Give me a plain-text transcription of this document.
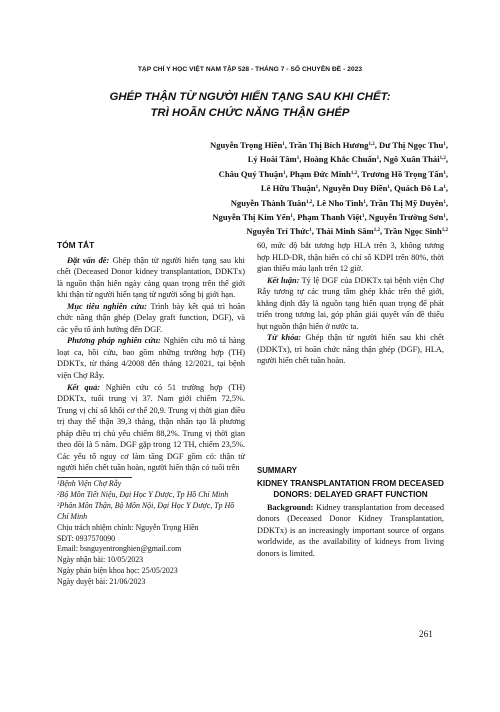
TẠP CHÍ Y HỌC VIỆT NAM TẬP 528 - THÁNG 7 - SỐ CHUYÊN ĐỀ - 2023
GHÉP THẬN TỪ NGƯỜI HIẾN TẠNG SAU KHI CHẾT:
TRÌ HOÃN CHỨC NĂNG THẬN GHÉP
Nguyễn Trọng Hiền$^1$, Trần Thị Bích Hương$^{1,2}$, Dư Thị Ngọc Thu$^1$,
Lý Hoài Tâm$^1$, Hoàng Khắc Chuẩn$^1$, Ngô Xuân Thái$^{1,2}$,
Châu Quý Thuận$^1$, Phạm Đức Minh$^{1,2}$, Trương Hồ Trọng Tấn$^1$,
Lê Hữu Thuận$^1$, Nguyễn Duy Điền$^1$, Quách Đô La$^1$,
Nguyễn Thành Tuân$^{1,2}$, Lê Nho Tình$^1$, Trần Thị Mỹ Duyên$^1$,
Nguyễn Thị Kim Yến$^1$, Phạm Thanh Việt$^1$, Nguyễn Trường Sơn$^1$,
Nguyễn Trí Thức$^1$, Thái Minh Sâm$^{1,2}$, Trần Ngọc Sinh$^{1,2}$
TÓM TẮT

Đặt vấn đề: Ghép thận từ người hiến tạng sau khi chết (Deceased Donor kidney transplantation, DDKTx) là nguồn thận hiến ngày càng quan trọng trên thế giới khi thận từ người hiến tạng từ người sống bị giới hạn.

Mục tiêu nghiên cứu: Trình bày kết quả trì hoãn chức năng thận ghép (Delay graft function, DGF), và các yếu tố ảnh hưởng đến DGF.

Phương pháp nghiên cứu: Nghiên cứu mô tả hàng loạt ca, hồi cứu, bao gồm những trường hợp (TH) DDKTx, từ tháng 4/2008 đến tháng 12/2021, tại bệnh viện Chợ Rẫy.

Kết quả: Nghiên cứu có 51 trường hợp (TH) DDKTx, tuổi trung vị 37. Nam giới chiếm 72,5%. Trung vị chỉ số khối cơ thể 20,9. Trung vị thời gian điều trị thay thế thận 39,3 tháng, thận nhân tạo là phương pháp điều trị chủ yếu chiếm 88,2%. Trung vị thời gian theo dõi là 5 năm. DGF gặp trong 12 TH, chiếm 23,5%. Các yếu tố nguy cơ làm tăng DGF gồm có: thận từ người hiến chết tuần hoàn, người hiến thận có tuổi trên

$^1$Bệnh Viện Chợ Rẫy
$^2$Bộ Môn Tiết Niệu, Đại Học Y Dược, Tp Hồ Chí Minh
$^3$Phân Môn Thận, Bộ Môn Nội, Đại Học Y Dược, Tp Hồ Chí Minh
Chịu trách nhiệm chính: Nguyễn Trọng Hiền
SĐT: 0937570090
Email: bsnguyentronghien@gmail.com
Ngày nhận bài: 10/05/2023
Ngày phản biện khoa học: 25/05/2023
Ngày duyệt bài: 21/06/2023

60, mức độ bắt tương hợp HLA trên 3, không tương hợp HLD-DR, thận hiến có chỉ số KDPI trên 80%, thời gian thiếu máu lạnh trên 12 giờ.

Kết luận: Tỷ lệ DGF của DDKTx tại bệnh viện Chợ Rẫy tương tự các trung tâm ghép khác trên thế giới, khẳng định đây là nguồn tạng hiến quan trọng để phát triển trong tương lai, góp phần giải quyết vấn đề thiếu hụt nguồn thận hiến ở nước ta.

Từ khóa: Ghép thận từ người hiến sau khi chết (DDKTx), trì hoãn chức năng thận ghép (DGF), HLA, người hiến chết tuần hoàn.

SUMMARY
KIDNEY TRANSPLANTATION FROM DECEASED DONORS: DELAYED GRAFT FUNCTION

Background: Kidney transplantation from deceased donors (Deceased Donor Kidney Transplantation, DDKTx) is an increasingly important source of organs worldwide, as the availability of kidneys from living donors is limited.

261
